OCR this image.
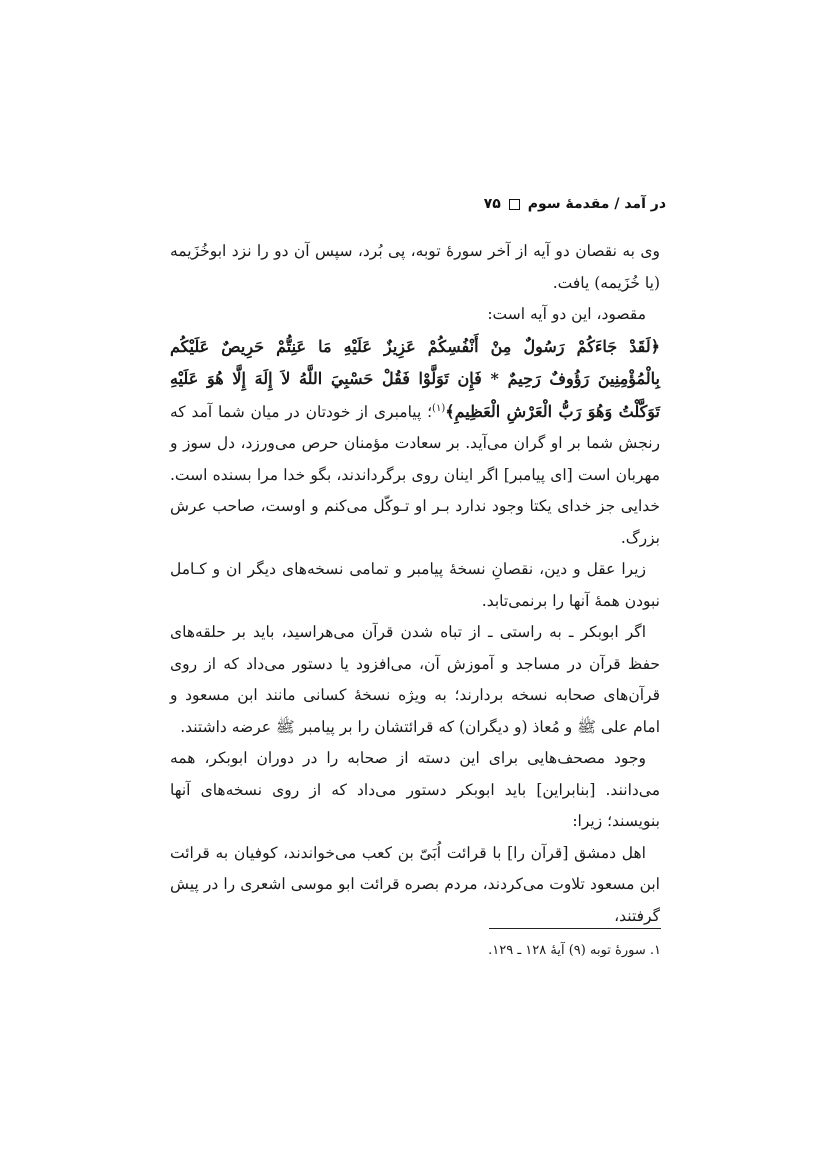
در آمد / مقدمهٔ سوم
۷۵

وی به نقصان دو آیه از آخر سورهٔ توبه، پی بُرد، سپس آن دو را نزد ابوخُزَیمه (یا خُزَیمه) یافت.

مقصود، این دو آیه است:

﴿لَقَدْ جَاءَكُمْ رَسُولٌ مِنْ أَنْفُسِكُمْ عَزِيزٌ عَلَيْهِ مَا عَنِتُّمْ حَرِيصٌ عَلَيْكُم بِالْمُؤْمِنِينَ رَؤُوفٌ رَحِيمٌ * فَإِن تَوَلَّوْا فَقُلْ حَسْبِيَ اللَّهُ لاَ إِلَهَ إِلَّا هُوَ عَلَيْهِ تَوَكَّلْتُ وَهُوَ رَبُّ الْعَرْشِ الْعَظِيمِ﴾$^{(۱)}$؛ پیامبری از خودتان در میان شما آمد که رنجش شما بر او گران می‌آید. بر سعادت مؤمنان حرص می‌ورزد، دل سوز و مهربان است [ای پیامبر] اگر اینان روی برگرداندند، بگو خدا مرا بسنده است. خدایی جز خدای یکتا وجود ندارد بـر او تـوکّل می‌کنم و اوست، صاحب عرش بزرگ.

زیرا عقل و دین، نقصانِ نسخهٔ پیامبر و تمامی نسخه‌های دیگر ان و کـامل نبودن همهٔ آنها را برنمی‌تابد.

اگر ابوبکر ـ به راستی ـ از تباه شدن قرآن می‌هراسید، باید بر حلقه‌های حفظ قرآن در مساجد و آموزش آن، می‌افزود یا دستور می‌داد که از روی قرآن‌های صحابه نسخه بردارند؛ به ویژه نسخهٔ کسانی مانند ابن مسعود و امام علی ﷺ و مُعاذ (و دیگران) که قرائتشان را بر پیامبر ﷺ عرضه داشتند.

وجود مصحف‌هایی برای این دسته از صحابه را در دوران ابوبکر، همه می‌دانند. [بنابراین] باید ابوبکر دستور می‌داد که از روی نسخه‌های آنها بنویسند؛ زیرا:

اهل دمشق [قرآن را] با قرائت اُبَیّ بن کعب می‌خواندند، کوفیان به قرائت ابن مسعود تلاوت می‌کردند، مردم بصره قرائت ابو موسی اشعری را در پیش گرفتند،

۱. سورهٔ توبه (۹) آیهٔ ۱۲۸ ـ ۱۲۹.
